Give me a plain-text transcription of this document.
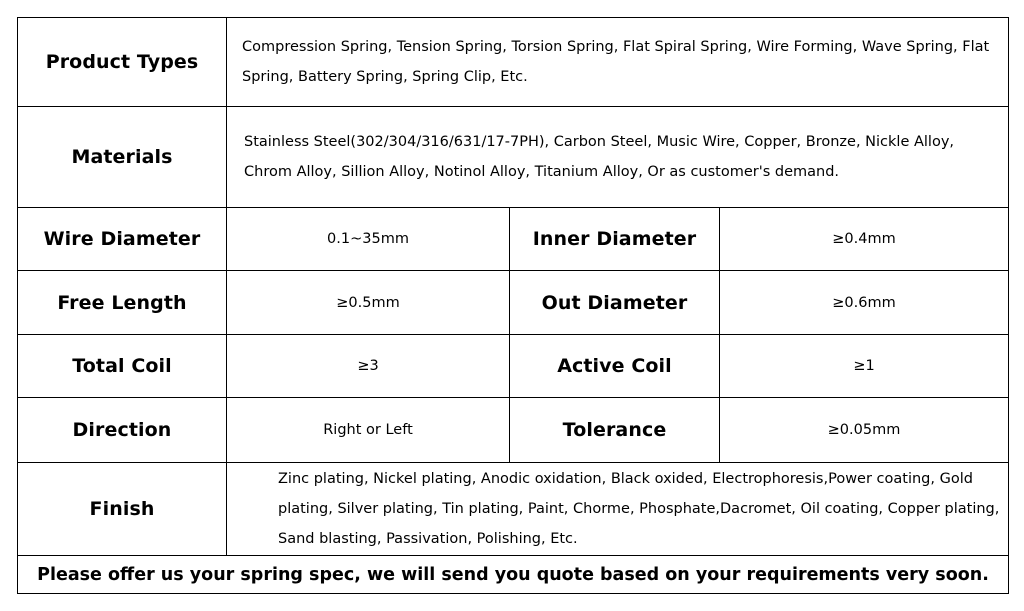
Product Types	Compression Spring, Tension Spring, Torsion Spring, Flat Spiral Spring, Wire Forming, Wave Spring, Flat Spring, Battery Spring, Spring Clip, Etc.		
Materials	Stainless Steel(302/304/316/631/17-7PH), Carbon Steel, Music Wire, Copper, Bronze, Nickle Alloy, Chrom Alloy, Sillion Alloy, Notinol Alloy, Titanium Alloy, Or as customer's demand.		
Wire Diameter	0.1~35mm	Inner Diameter	≥0.4mm
Free Length	≥0.5mm	Out Diameter	≥0.6mm
Total Coil	≥3	Active Coil	≥1
Direction	Right or Left	Tolerance	≥0.05mm
Finish	Zinc plating, Nickel plating, Anodic oxidation, Black oxided, Electrophoresis,Power coating, Gold plating, Silver plating, Tin plating, Paint, Chorme, Phosphate,Dacromet, Oil coating, Copper plating, Sand blasting, Passivation, Polishing, Etc.		
Please offer us your spring spec, we will send you quote based on your requirements very soon.			
